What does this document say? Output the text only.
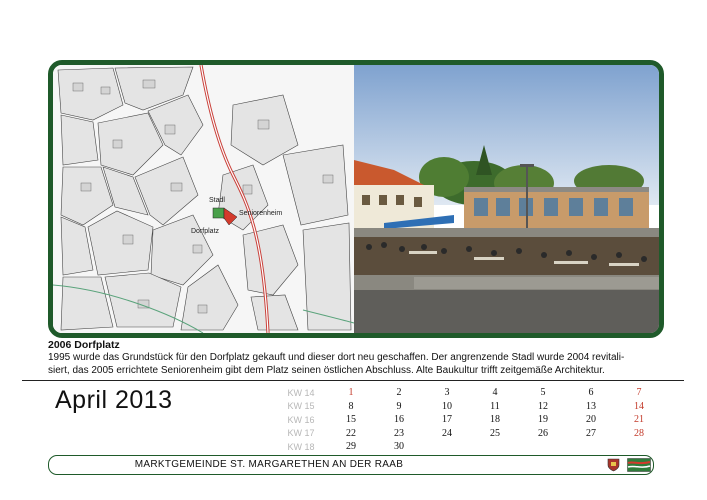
Stadl
Seniorenheim
Dorfplatz

2006 Dorfplatz

1995 wurde das Grundstück für den Dorfplatz gekauft und dieser dort neu geschaffen. Der angrenzende Stadl wurde 2004 revitali-

siert, das 2005 errichtete Seniorenheim gibt dem Platz seinen östlichen Abschluss. Alte Baukultur trifft zeitgemäße Architektur.

April 2013	KW 14	1	2	3	4	5	6	7
KW 15	8	9	10	11	12	13	14
KW 16	15	16	17	18	19	20	21
KW 17	22	23	24	25	26	27	28
KW 18	29	30					
MARKTGEMEINDE ST. MARGARETHEN AN DER RAAB
